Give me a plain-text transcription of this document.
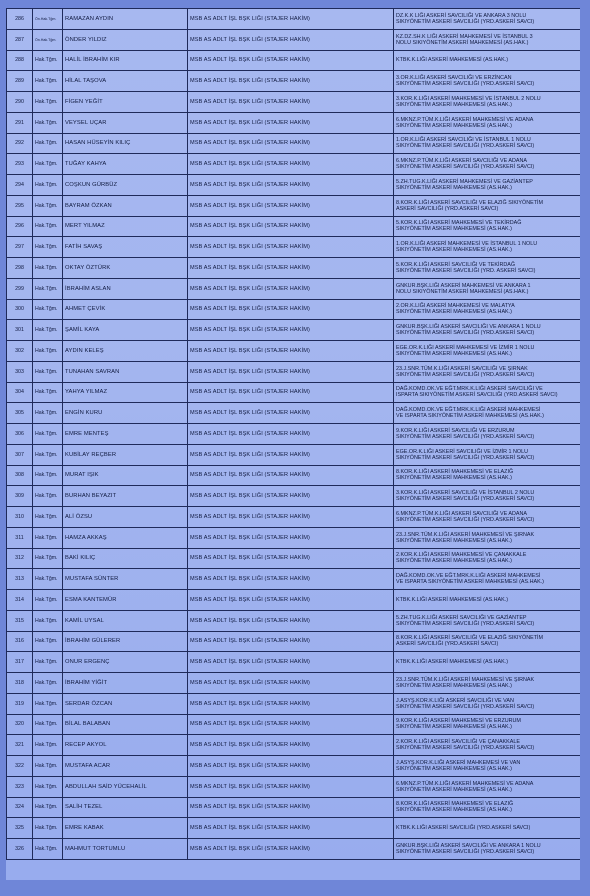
286	Ön.Hak.Tğm.	RAMAZAN AYDIN	MSB AS ADLT İŞL BŞK LIĞI (STAJER HAKİM)	DZ.K.K LIĞI ASKERİ SAVCILIĞI VE ANKARA 3 NOLU
SIKIYÖNETİM ASKERİ SAVCILIĞI (YRD.ASKERİ SAVCI)

287	Ön.Hak.Tğm.	ÖNDER YILDIZ	MSB AS ADLT İŞL BŞK LIĞI (STAJER HAKİM)	KZ.DZ.SH.K LIĞI ASKERİ MAHKEMESİ VE İSTANBUL 3
NOLU SIKIYÖNETİM ASKERİ MAHKEMESİ (AS.HAK.)

288	Hak.Tğm.	HALİL İBRAHİM KIR	MSB AS ADLT İŞL BŞK LIĞI (STAJER HAKİM)	KTBK.K.LIĞI ASKERİ MAHKEMESİ (AS.HAK.)

289	Hak.Tğm.	HİLAL TAŞOVA	MSB AS ADLT İŞL BŞK LIĞI (STAJER HAKİM)	3.OR.K.LIĞI ASKERİ SAVCILIĞI VE ERZİNCAN
SIKIYÖNETİM ASKERİ SAVCILIĞI (YRD.ASKERİ SAVCI)

290	Hak.Tğm.	FİGEN YEĞİT	MSB AS ADLT İŞL BŞK LIĞI (STAJER HAKİM)	3.KOR.K.LIĞI ASKERİ MAHKEMESİ VE İSTANBUL 2 NOLU
SIKIYÖNETİM ASKERİ MAHKEMESİ (AS.HAK.)

291	Hak.Tğm.	VEYSEL UÇAR	MSB AS ADLT İŞL BŞK LIĞI (STAJER HAKİM)	6.MKNZ.P.TÜM.K.LIĞI ASKERİ MAHKEMESİ VE ADANA
SIKIYÖNETİM ASKERİ MAHKEMESİ (AS.HAK.)

292	Hak.Tğm.	HASAN HÜSEYİN KILIÇ	MSB AS ADLT İŞL BŞK LIĞI (STAJER HAKİM)	1.OR.K.LIĞI ASKERİ SAVCILIĞI VE İSTANBUL 1 NOLU
SIKIYÖNETİM ASKERİ SAVCILIĞI (YRD.ASKERİ SAVCI)

293	Hak.Tğm.	TUĞAY KAHYA	MSB AS ADLT İŞL BŞK LIĞI (STAJER HAKİM)	6.MKNZ.P.TÜM.K.LIĞI ASKERİ SAVCILIĞI VE ADANA
SIKIYÖNETİM ASKERİ SAVCILIĞI (YRD.ASKERİ SAVCI)

294	Hak.Tğm.	COŞKUN GÜRBÜZ	MSB AS ADLT İŞL BŞK LIĞI (STAJER HAKİM)	5.ZH.TUG.K.LIĞI ASKERİ MAHKEMESİ VE GAZİANTEP
SIKIYÖNETİM ASKERİ MAHKEMESİ (AS.HAK.)

295	Hak.Tğm.	BAYRAM ÖZKAN	MSB AS ADLT İŞL BŞK LIĞI (STAJER HAKİM)	8.KOR.K.LIĞI ASKERİ SAVCILIĞI VE ELAZIĞ SIKIYÖNETİM
ASKERİ SAVCILIĞI (YRD.ASKERİ SAVCI)

296	Hak.Tğm.	MERT YILMAZ	MSB AS ADLT İŞL BŞK LIĞI (STAJER HAKİM)	5.KOR.K.LIĞI ASKERİ MAHKEMESİ VE TEKİRDAĞ
SIKIYÖNETİM ASKERİ MAHKEMESİ (AS.HAK.)

297	Hak.Tğm.	FATİH SAVAŞ	MSB AS ADLT İŞL BŞK LIĞI (STAJER HAKİM)	1.OR.K.LIĞI ASKERİ MAHKEMESİ VE İSTANBUL 1 NOLU
SIKIYÖNETİM ASKERİ MAHKEMESİ (AS.HAK.)

298	Hak.Tğm.	OKTAY ÖZTÜRK	MSB AS ADLT İŞL BŞK LIĞI (STAJER HAKİM)	5.KOR.K.LIĞI ASKERİ SAVCILIĞI VE TEKİRDAĞ
SIKIYÖNETİM ASKERİ SAVCILIĞI (YRD. ASKERİ SAVCI)

299	Hak.Tğm.	İBRAHİM ASLAN	MSB AS ADLT İŞL BŞK LIĞI (STAJER HAKİM)	GNKUR.BŞK.LIĞI ASKERİ MAHKEMESİ VE ANKARA 1
NOLU SIKIYÖNETİM ASKERİ MAHKEMESİ (AS.HAK.)

300	Hak.Tğm.	AHMET ÇEVİK	MSB AS ADLT İŞL BŞK LIĞI (STAJER HAKİM)	2.OR.K.LIĞI ASKERİ MAHKEMESİ VE MALATYA
SIKIYÖNETİM ASKERİ MAHKEMESİ (AS.HAK.)

301	Hak.Tğm.	ŞAMİL KAYA	MSB AS ADLT İŞL BŞK LIĞI (STAJER HAKİM)	GNKUR.BŞK.LIĞI ASKERİ SAVCILIĞI VE ANKARA 1 NOLU
SIKIYÖNETİM ASKERİ SAVCILIĞI (YRD.ASKERİ SAVCI)

302	Hak.Tğm.	AYDIN KELEŞ	MSB AS ADLT İŞL BŞK LIĞI (STAJER HAKİM)	EGE.OR.K.LIĞI ASKERİ MAHKEMESİ VE İZMİR 1 NOLU
SIKIYÖNETİM ASKERİ MAHKEMESİ (AS.HAK.)

303	Hak.Tğm.	TUNAHAN SAVRAN	MSB AS ADLT İŞL BŞK LIĞI (STAJER HAKİM)	23.J.SNR.TÜM.K.LIĞI ASKERİ SAVCILIĞI VE ŞIRNAK
SIKIYÖNETİM ASKERİ SAVCILIĞI (YRD.ASKERİ SAVCI)

304	Hak.Tğm.	YAHYA YILMAZ	MSB AS ADLT İŞL BŞK LIĞI (STAJER HAKİM)	DAĞ.KOMD.OK.VE EĞT.MRK.K.LIĞI ASKERİ SAVCILIĞI VE
ISPARTA SIKIYÖNETİM ASKERİ SAVCILIĞI (YRD.ASKERİ SAVCI)

305	Hak.Tğm.	ENGİN KURU	MSB AS ADLT İŞL BŞK LIĞI (STAJER HAKİM)	DAĞ.KOMD.OK.VE EĞT.MRK.K.LIĞI ASKERİ MAHKEMESİ
VE ISPARTA SIKIYÖNETİM ASKERİ MAHKEMESİ (AS.HAK.)

306	Hak.Tğm.	EMRE MENTEŞ	MSB AS ADLT İŞL BŞK LIĞI (STAJER HAKİM)	9.KOR.K.LIĞI ASKERİ SAVCILIĞI VE ERZURUM
SIKIYÖNETİM ASKERİ SAVCILIĞI (YRD.ASKERİ SAVCI)

307	Hak.Tğm.	KUBİLAY REÇBER	MSB AS ADLT İŞL BŞK LIĞI (STAJER HAKİM)	EGE.OR.K.LIĞI ASKERİ SAVCILIĞI VE İZMİR 1 NOLU
SIKIYÖNETİM ASKERİ SAVCILIĞI (YRD.ASKERİ SAVCI)

308	Hak.Tğm.	MURAT IŞIK	MSB AS ADLT İŞL BŞK LIĞI (STAJER HAKİM)	8.KOR.K.LIĞI ASKERİ MAHKEMESİ VE ELAZIĞ
SIKIYÖNETİM ASKERİ MAHKEMESİ (AS.HAK.)

309	Hak.Tğm.	BURHAN BEYAZIT	MSB AS ADLT İŞL BŞK LIĞI (STAJER HAKİM)	3.KOR.K.LIĞI ASKERİ SAVCILIĞI VE İSTANBUL 2 NOLU
SIKIYÖNETİM ASKERİ SAVCILIĞI (YRD.ASKERİ SAVCI)

310	Hak.Tğm.	ALİ ÖZSU	MSB AS ADLT İŞL BŞK LIĞI (STAJER HAKİM)	6.MKNZ.P.TÜM.K.LIĞI ASKERİ SAVCILIĞI VE ADANA
SIKIYÖNETİM ASKERİ SAVCILIĞI (YRD.ASKERİ SAVCI)

311	Hak.Tğm.	HAMZA AKKAŞ	MSB AS ADLT İŞL BŞK LIĞI (STAJER HAKİM)	23.J.SNR.TÜM.K.LIĞI ASKERİ MAHKEMESİ VE ŞIRNAK
SIKIYÖNETİM ASKERİ MAHKEMESİ (AS.HAK.)

312	Hak.Tğm.	BAKİ KILIÇ	MSB AS ADLT İŞL BŞK LIĞI (STAJER HAKİM)	2.KOR.K.LIĞI ASKERİ MAHKEMESİ VE ÇANAKKALE
SIKIYÖNETİM ASKERİ MAHKEMESİ (AS.HAK.)

313	Hak.Tğm.	MUSTAFA SÜNTER	MSB AS ADLT İŞL BŞK LIĞI (STAJER HAKİM)	DAĞ.KOMD.OK.VE EĞT.MRK.K.LIĞI ASKERİ MAHKEMESİ
VE ISPARTA SIKIYÖNETİM ASKERİ MAHKEMESİ (AS.HAK.)

314	Hak.Tğm.	ESMA KANTEMÜR	MSB AS ADLT İŞL BŞK LIĞI (STAJER HAKİM)	KTBK.K.LIĞI ASKERİ MAHKEMESİ (AS.HAK.)

315	Hak.Tğm.	KAMİL UYSAL	MSB AS ADLT İŞL BŞK LIĞI (STAJER HAKİM)	5.ZH.TUG.K.LIĞI ASKERİ SAVCILIĞI VE GAZİANTEP
SIKIYÖNETİM ASKERİ SAVCILIĞI (YRD.ASKERİ SAVCI)

316	Hak.Tğm.	İBRAHİM GÜLERER	MSB AS ADLT İŞL BŞK LIĞI (STAJER HAKİM)	8.KOR.K.LIĞI ASKERİ SAVCILIĞI VE ELAZIĞ SIKIYÖNETİM
ASKERİ SAVCILIĞI (YRD.ASKERİ SAVCI)

317	Hak.Tğm.	ONUR ERGENÇ	MSB AS ADLT İŞL BŞK LIĞI (STAJER HAKİM)	KTBK.K.LIĞI ASKERİ MAHKEMESİ (AS.HAK.)

318	Hak.Tğm.	İBRAHİM YİĞİT	MSB AS ADLT İŞL BŞK LIĞI (STAJER HAKİM)	23.J.SNR.TÜM.K.LIĞI ASKERİ MAHKEMESİ VE ŞIRNAK
SIKIYÖNETİM ASKERİ MAHKEMESİ (AS.HAK.)

319	Hak.Tğm.	SERDAR ÖZCAN	MSB AS ADLT İŞL BŞK LIĞI (STAJER HAKİM)	J.ASYŞ.KOR.K.LIĞI ASKERİ SAVCILIĞI VE VAN
SIKIYÖNETİM ASKERİ SAVCILIĞI (YRD.ASKERİ SAVCI)

320	Hak.Tğm.	BİLAL BALABAN	MSB AS ADLT İŞL BŞK LIĞI (STAJER HAKİM)	9.KOR.K.LIĞI ASKERİ MAHKEMESİ VE ERZURUM
SIKIYÖNETİM ASKERİ MAHKEMESİ (AS.HAK.)

321	Hak.Tğm.	RECEP AKYOL	MSB AS ADLT İŞL BŞK LIĞI (STAJER HAKİM)	2.KOR.K.LIĞI ASKERİ SAVCILIĞI VE ÇANAKKALE
SIKIYÖNETİM ASKERİ SAVCILIĞI (YRD.ASKERİ SAVCI)

322	Hak.Tğm.	MUSTAFA ACAR	MSB AS ADLT İŞL BŞK LIĞI (STAJER HAKİM)	J.ASYŞ.KOR.K.LIĞI ASKERİ MAHKEMESİ VE VAN
SIKIYÖNETİM ASKERİ MAHKEMESİ (AS.HAK.)

323	Hak.Tğm.	ABDULLAH SAİD YÜCEHALİL	MSB AS ADLT İŞL BŞK LIĞI (STAJER HAKİM)	6.MKNZ.P.TÜM.K.LIĞI ASKERİ MAHKEMESİ VE ADANA
SIKIYÖNETİM ASKERİ MAHKEMESİ (AS.HAK.)

324	Hak.Tğm.	SALİH TEZEL	MSB AS ADLT İŞL BŞK LIĞI (STAJER HAKİM)	8.KOR.K.LIĞI ASKERİ MAHKEMESİ VE ELAZIĞ
SIKIYÖNETİM ASKERİ MAHKEMESİ (AS.HAK.)

325	Hak.Tğm.	EMRE KABAK	MSB AS ADLT İŞL BŞK LIĞI (STAJER HAKİM)	KTBK.K.LIĞI ASKERİ SAVCILIĞI (YRD.ASKERİ SAVCI)

326	Hak.Tğm.	MAHMUT TORTUMLU	MSB AS ADLT İŞL BŞK LIĞI (STAJER HAKİM)	GNKUR.BŞK.LIĞI ASKERİ SAVCILIĞI VE ANKARA 1 NOLU
SIKIYÖNETİM ASKERİ SAVCILIĞI (YRD.ASKERİ SAVCI)
